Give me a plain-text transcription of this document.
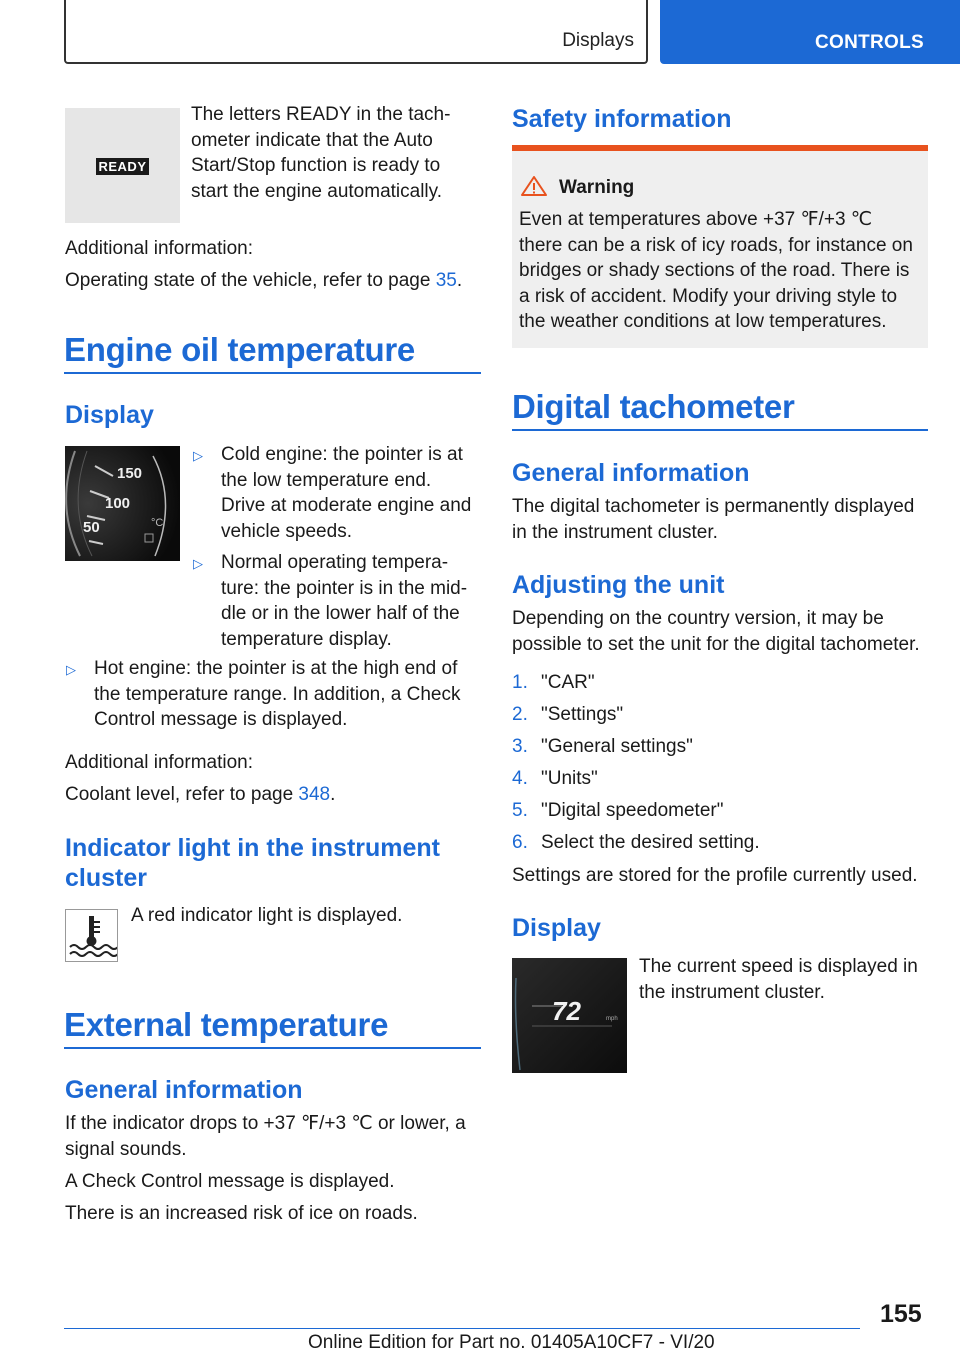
Displays	CONTROLS
READY
The letters READY in the tach-
ometer indicate that the Auto
Start/Stop function is ready to
start the engine automatically.
Additional information:
Operating state of the vehicle, refer to page 35.
Engine oil temperature
Display
150
100
50	°C
▷ Cold engine: the pointer is at
the low temperature end.
Drive at moderate engine and
vehicle speeds.
▷ Normal operating tempera-
ture: the pointer is in the mid-
dle or in the lower half of the
temperature display.
▷ Hot engine: the pointer is at the high end of
the temperature range. In addition, a Check
Control message is displayed.
Additional information:
Coolant level, refer to page 348.
Indicator light in the instrument
cluster
A red indicator light is displayed.
External temperature
General information
If the indicator drops to +37 ℉/+3 ℃ or lower, a
signal sounds.
A Check Control message is displayed.
There is an increased risk of ice on roads.
Safety information
Warning
Even at temperatures above +37 ℉/+3 ℃
there can be a risk of icy roads, for instance on
bridges or shady sections of the road. There is
a risk of accident. Modify your driving style to
the weather conditions at low temperatures.
Digital tachometer
General information
The digital tachometer is permanently displayed
in the instrument cluster.
Adjusting the unit
Depending on the country version, it may be
possible to set the unit for the digital tachometer.
1. "CAR"
2. "Settings"
3. "General settings"
4. "Units"
5. "Digital speedometer"
6. Select the desired setting.
Settings are stored for the profile currently used.
Display
72	mph
The current speed is displayed in
the instrument cluster.
155
Online Edition for Part no. 01405A10CF7 - VI/20
